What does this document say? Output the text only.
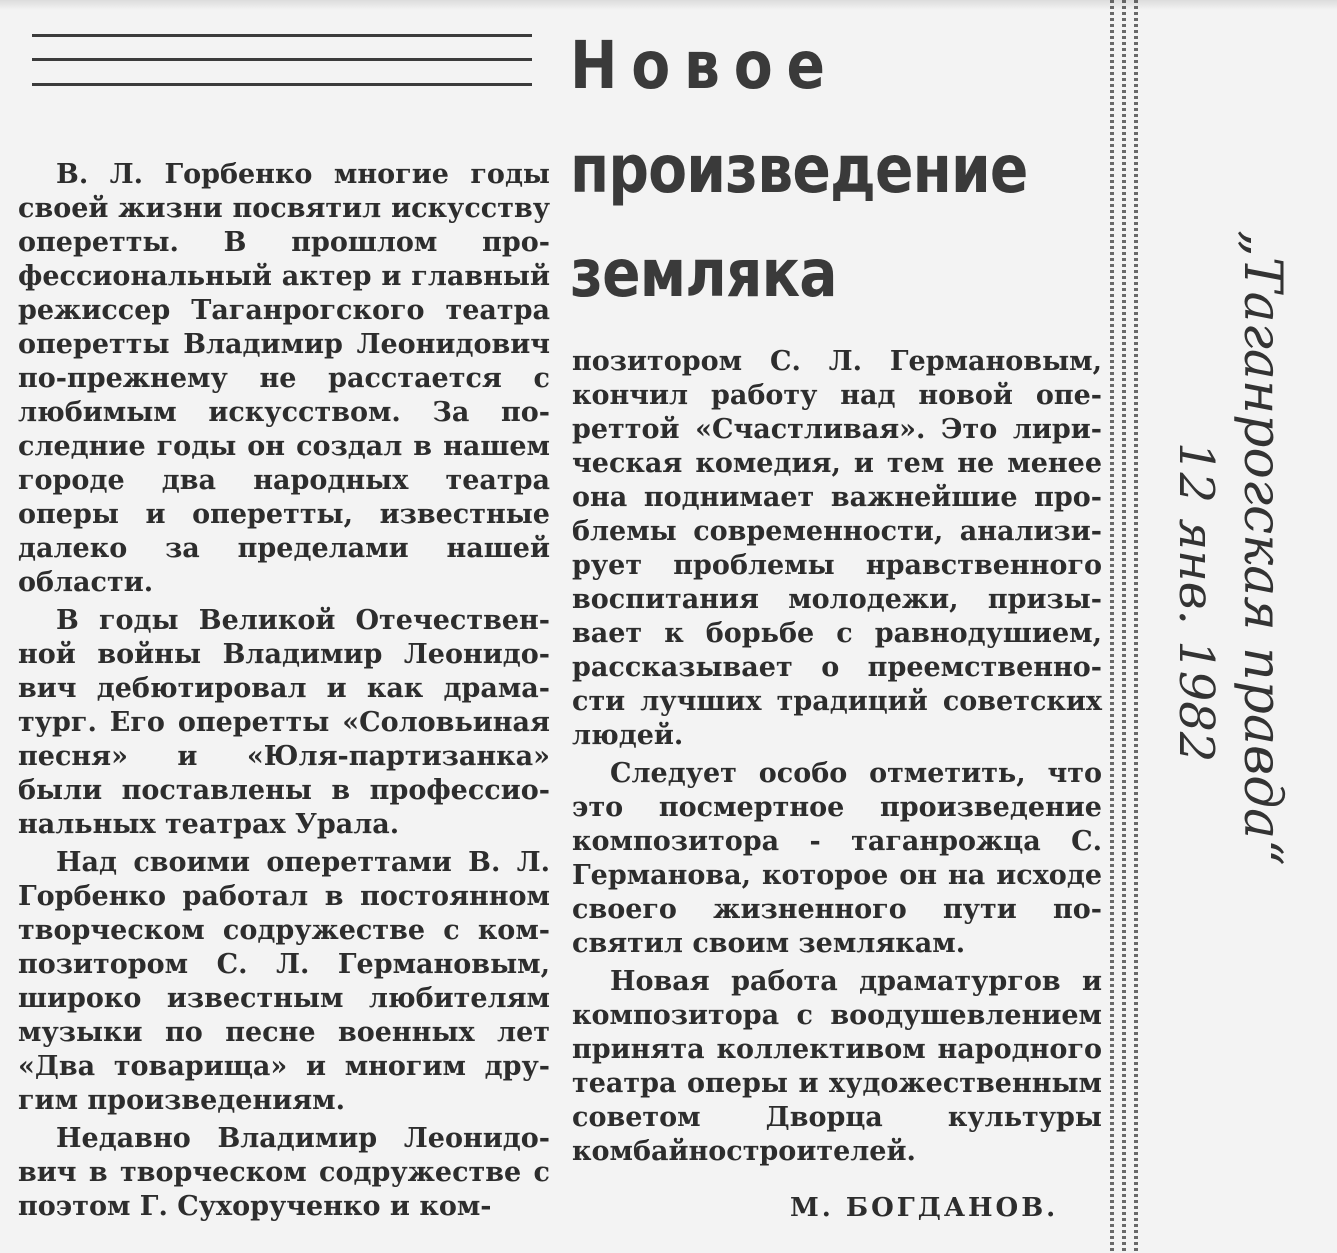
Новое
произведение
земляка

В. Л. Горбенко многие годы своей жизни посвятил искусству оперетты. В прошлом профессиональный актер и главный режиссер Таганрогского театра оперетты Владимир Леонидович по-прежнему не расстается с любимым искусством. За последние годы он создал в нашем городе два народных театра оперы и оперетты, известные далеко за пределами нашей области.

В годы Великой Отечественной войны Владимир Леонидович дебютировал и как драматург. Его оперетты «Соловьиная песня» и «Юля-партизанка» были поставлены в профессиональных театрах Урала.

Над своими опереттами В. Л. Горбенко работал в постоянном творческом содружестве с композитором С. Л. Германовым, широко известным любителям музыки по песне военных лет «Два товарища» и многим другим произведениям.

Недавно Владимир Леонидович в творческом содружестве с поэтом Г. Сухорученко и ком-

позитором С. Л. Германовым, кончил работу над новой опереттой «Счастливая». Это лирическая комедия, и тем не менее она поднимает важнейшие проблемы современности, анализирует проблемы нравственного воспитания молодежи, призывает к борьбе с равнодушием, рассказывает о преемственности лучших традиций советских людей.

Следует особо отметить, что это посмертное произведение композитора - таганрожца С. Германова, которое он на исходе своего жизненного пути посвятил своим землякам.

Новая работа драматургов и композитора с воодушевлением принята коллективом народного театра оперы и художественным советом Дворца культуры комбайностроителей.

М. БОГДАНОВ.

„Таганрогская правда“
12 янв. 1982
